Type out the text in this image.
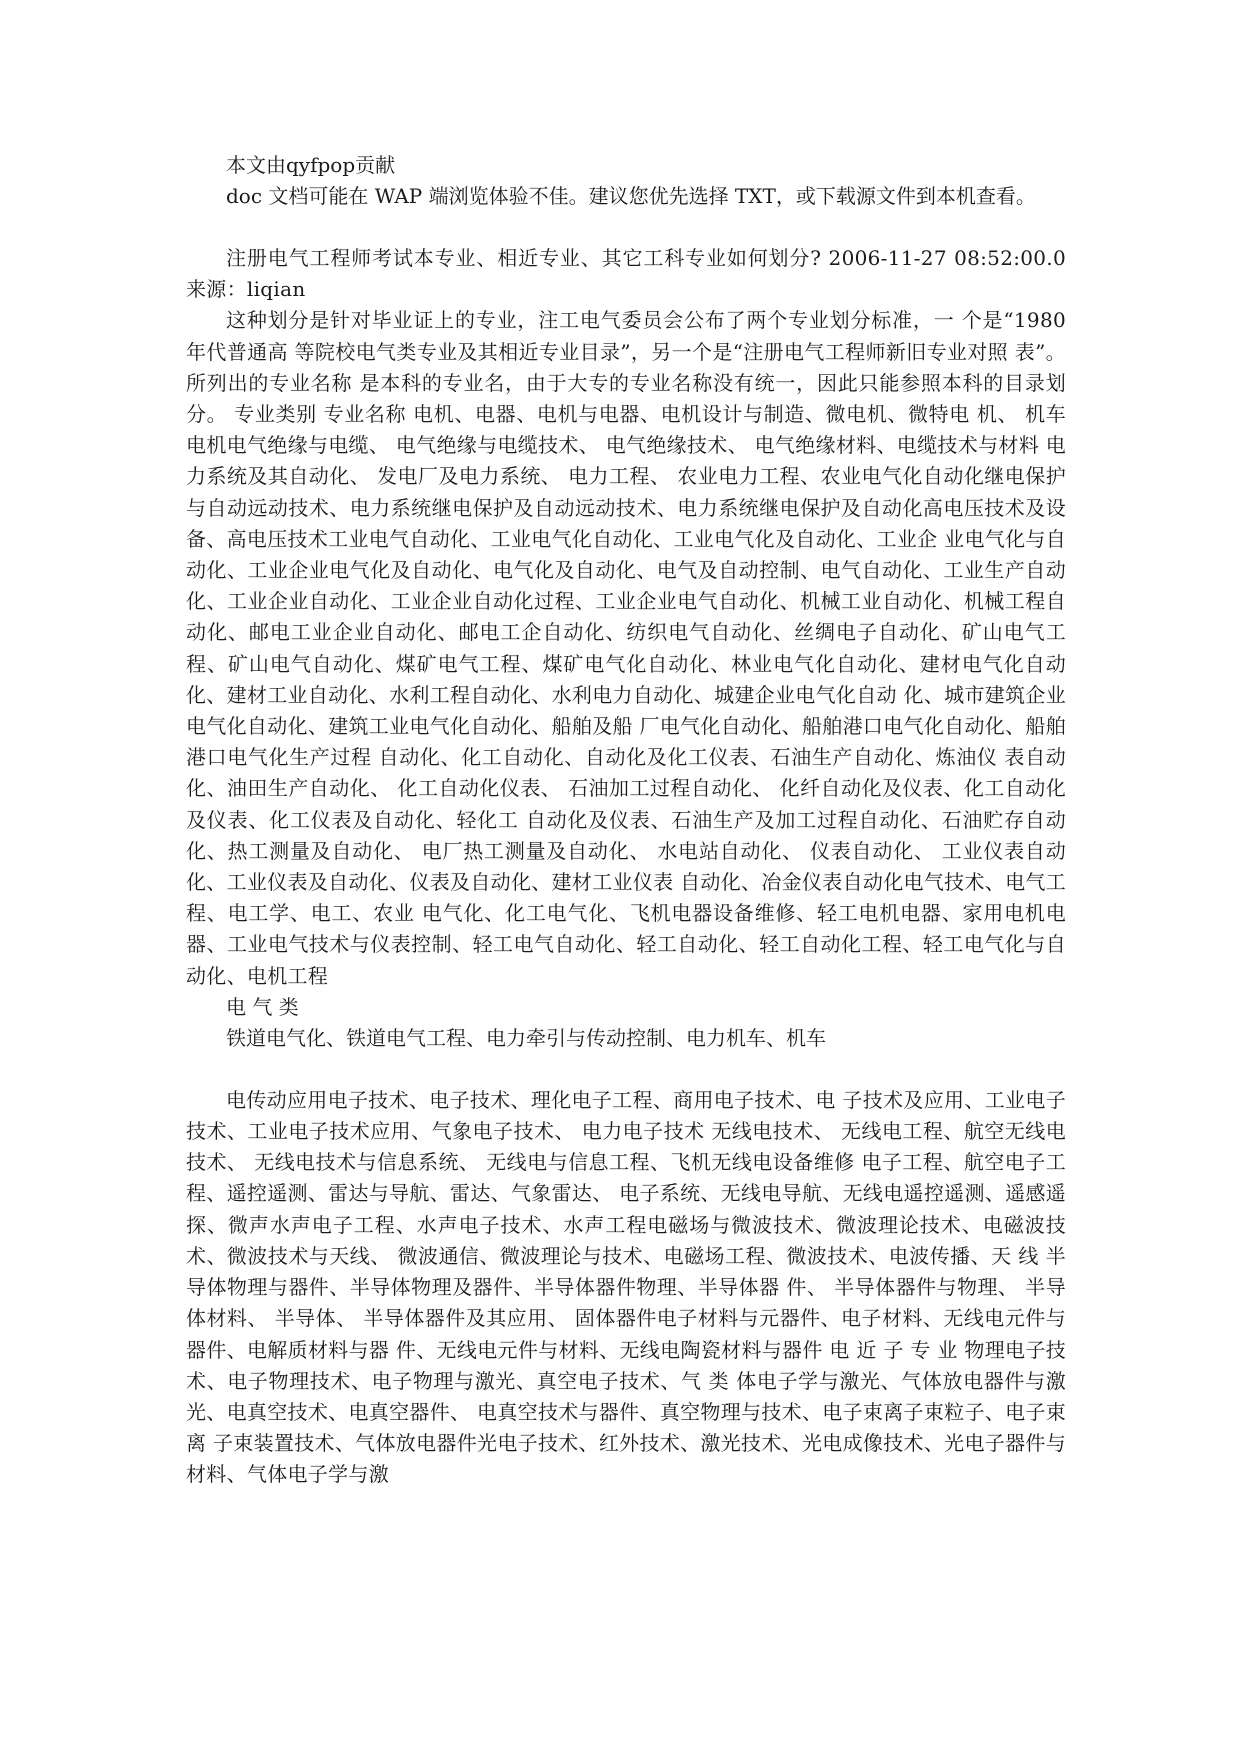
本文由qyfpop贡献
doc 文档可能在 WAP 端浏览体验不佳。建议您优先选择 TXT，或下载源文件到本机查看。

注册电气工程师考试本专业、相近专业、其它工科专业如何划分? 2006-11-27 08:52:00.0 来源：liqian

这种划分是针对毕业证上的专业，注工电气委员会公布了两个专业划分标准，一 个是“1980 年代普通高 等院校电气类专业及其相近专业目录”，另一个是“注册电气工程师新旧专业对照 表”。所列出的专业名称 是本科的专业名，由于大专的专业名称没有统一，因此只能参照本科的目录划分。 专业类别 专业名称 电机、电器、电机与电器、电机设计与制造、微电机、微特电 机、 机车电机电气绝缘与电缆、 电气绝缘与电缆技术、 电气绝缘技术、 电气绝缘材料、电缆技术与材料 电力系统及其自动化、 发电厂及电力系统、 电力工程、 农业电力工程、农业电气化自动化继电保护与自动远动技术、电力系统继电保护及自动远动技术、电力系统继电保护及自动化高电压技术及设备、高电压技术工业电气自动化、工业电气化自动化、工业电气化及自动化、工业企 业电气化与自动化、工业企业电气化及自动化、电气化及自动化、电气及自动控制、电气自动化、工业生产自动化、工业企业自动化、工业企业自动化过程、工业企业电气自动化、机械工业自动化、机械工程自动化、邮电工业企业自动化、邮电工企自动化、纺织电气自动化、丝绸电子自动化、矿山电气工程、矿山电气自动化、煤矿电气工程、煤矿电气化自动化、林业电气化自动化、建材电气化自动化、建材工业自动化、水利工程自动化、水利电力自动化、城建企业电气化自动 化、城市建筑企业电气化自动化、建筑工业电气化自动化、船舶及船 厂电气化自动化、船舶港口电气化自动化、船舶港口电气化生产过程 自动化、化工自动化、自动化及化工仪表、石油生产自动化、炼油仪 表自动化、油田生产自动化、 化工自动化仪表、 石油加工过程自动化、 化纤自动化及仪表、化工自动化及仪表、化工仪表及自动化、轻化工 自动化及仪表、石油生产及加工过程自动化、石油贮存自动化、热工测量及自动化、 电厂热工测量及自动化、 水电站自动化、 仪表自动化、 工业仪表自动化、工业仪表及自动化、仪表及自动化、建材工业仪表 自动化、冶金仪表自动化电气技术、电气工程、电工学、电工、农业 电气化、化工电气化、飞机电器设备维修、轻工电机电器、家用电机电器、工业电气技术与仪表控制、轻工电气自动化、轻工自动化、轻工自动化工程、轻工电气化与自动化、电机工程

电 气 类
铁道电气化、铁道电气工程、电力牵引与传动控制、电力机车、机车

电传动应用电子技术、电子技术、理化电子工程、商用电子技术、电 子技术及应用、工业电子技术、工业电子技术应用、气象电子技术、 电力电子技术 无线电技术、 无线电工程、航空无线电技术、 无线电技术与信息系统、 无线电与信息工程、飞机无线电设备维修 电子工程、航空电子工程、遥控遥测、雷达与导航、雷达、气象雷达、 电子系统、无线电导航、无线电遥控遥测、遥感遥探、微声水声电子工程、水声电子技术、水声工程电磁场与微波技术、微波理论技术、电磁波技术、微波技术与天线、 微波通信、微波理论与技术、电磁场工程、微波技术、电波传播、天 线 半导体物理与器件、半导体物理及器件、半导体器件物理、半导体器 件、 半导体器件与物理、 半导体材料、 半导体、 半导体器件及其应用、 固体器件电子材料与元器件、电子材料、无线电元件与器件、电解质材料与器 件、无线电元件与材料、无线电陶瓷材料与器件 电 近 子 专 业 物理电子技术、电子物理技术、电子物理与激光、真空电子技术、气 类 体电子学与激光、气体放电器件与激光、电真空技术、电真空器件、 电真空技术与器件、真空物理与技术、电子束离子束粒子、电子束离 子束装置技术、气体放电器件光电子技术、红外技术、激光技术、光电成像技术、光电子器件与材料、气体电子学与激
